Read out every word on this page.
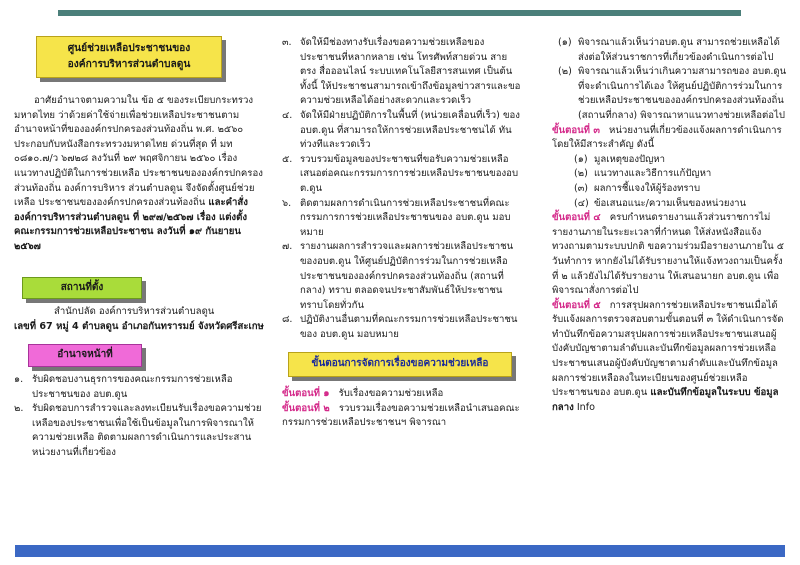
ศูนย์ช่วยเหลือประชาชนของ
องค์การบริหารส่วนตำบลดูน

อาศัยอำนาจตามความใน ข้อ ๕ ของระเบียบกระทรวงมหาดไทย ว่าด้วยค่าใช้จ่ายเพื่อช่วยเหลือประชาชนตามอำนาจหน้าที่ขององค์กรปกครองส่วนท้องถิ่น พ.ศ. ๒๕๖๐ ประกอบกับหนังสือกระทรวงมหาดไทย ด่วนที่สุด ที่ มท ๐๘๑๐.๗/ว ๖๗๒๘ ลงวันที่ ๒๙ พฤศจิกายน ๒๕๖๐ เรื่อง แนวทางปฏิบัติในการช่วยเหลือ ประชาชนขององค์กรปกครองส่วนท้องถิ่น องค์การบริหาร ส่วนตำบลดูน จึงจัดตั้งศูนย์ช่วยเหลือ ประชาชนขององค์กรปกครองส่วนท้องถิ่น และคำสั่งองค์การบริหารส่วนตำบลดูน ที่ ๒๙๗/๒๕๖๗ เรื่อง แต่งตั้งคณะกรรมการช่วยเหลือประชาชน ลงวันที่ ๑๙ กันยายน ๒๕๖๗

สถานที่ตั้ง

สำนักปลัด องค์การบริหารส่วนตำบลดูน

เลขที่ 67 หมู่ 4 ตำบลดูน อำเภอกันทรารมย์ จังหวัดศรีสะเกษ

อำนาจหน้าที่
๑. รับผิดชอบงานธุรการของคณะกรรมการช่วยเหลือประชาชนของ อบต.ดูน
๒. รับผิดชอบการสำรวจและลงทะเบียนรับเรื่องขอความช่วยเหลือของประชาชนเพื่อใช้เป็นข้อมูลในการพิจารณาให้ความช่วยเหลือ ติดตามผลการดำเนินการและประสานหน่วยงานที่เกี่ยวข้อง
๓. จัดให้มีช่องทางรับเรื่องขอความช่วยเหลือของประชาชนที่หลากหลาย เช่น โทรศัพท์สายด่วน สายตรง สื่อออนไลน์ ระบบเทคโนโลยีสารสนเทศ เป็นต้น ทั้งนี้ ให้ประชาชนสามารถเข้าถึงข้อมูลข่าวสารและขอความช่วยเหลือได้อย่างสะดวกและรวดเร็ว
๔. จัดให้มีฝ่ายปฏิบัติการในพื้นที่ (หน่วยเคลื่อนที่เร็ว) ของ อบต.ดูน ที่สามารถให้การช่วยเหลือประชาชนได้ ทันท่วงทีและรวดเร็ว
๕. รวบรวมข้อมูลของประชาชนที่ขอรับความช่วยเหลือเสนอต่อคณะกรรมการการช่วยเหลือประชาชนของอบต.ดูน
๖. ติดตามผลการดำเนินการช่วยเหลือประชาชนที่คณะกรรมการการช่วยเหลือประชาชนของ อบต.ดูน มอบหมาย
๗. รายงานผลการสำรวจและผลการช่วยเหลือประชาชนของอบต.ดูน ให้ศูนย์ปฏิบัติการร่วมในการช่วยเหลือประชาชนขององค์กรปกครองส่วนท้องถิ่น (สถานที่กลาง) ทราบ ตลอดจนประชาสัมพันธ์ให้ประชาชนทราบโดยทั่วกัน
๘. ปฏิบัติงานอื่นตามที่คณะกรรมการช่วยเหลือประชาชนของ อบต.ดูน มอบหมาย
ขั้นตอนการจัดการเรื่องขอความช่วยเหลือ

ขั้นตอนที่ ๑ รับเรื่องขอความช่วยเหลือ

ขั้นตอนที่ ๒ รวบรวมเรื่องขอความช่วยเหลือนำเสนอคณะกรรมการช่วยเหลือประชาชนฯ พิจารณา

(๑) พิจารณาแล้วเห็นว่าอบต.ดูน สามารถช่วยเหลือได้ ส่งต่อให้ส่วนราชการที่เกี่ยวข้องดำเนินการต่อไป
(๒) พิจารณาแล้วเห็นว่าเกินความสามารถของ อบต.ดูน ที่จะดำเนินการได้เอง ให้ศูนย์ปฏิบัติการร่วมในการช่วยเหลือประชาชนขององค์กรปกครองส่วนท้องถิ่น (สถานที่กลาง) พิจารณาหาแนวทางช่วยเหลือต่อไป

ขั้นตอนที่ ๓ หน่วยงานที่เกี่ยวข้องแจ้งผลการดำเนินการโดยให้มีสาระสำคัญ ดังนี้

(๑) มูลเหตุของปัญหา
(๒) แนวทางและวิธีการแก้ปัญหา
(๓) ผลการชี้แจงให้ผู้ร้องทราบ
(๔) ข้อเสนอแนะ/ความเห็นของหน่วยงาน

ขั้นตอนที่ ๔ ครบกำหนดรายงานแล้วส่วนราชการไม่รายงานภายในระยะเวลาที่กำหนด ให้ส่งหนังสือแจ้งทวงถามตามระบบปกติ ขอความร่วมมือรายงานภายใน ๕ วันทำการ หากยังไม่ได้รับรายงานให้แจ้งทวงถามเป็นครั้งที่ ๒ แล้วยังไม่ได้รับรายงาน ให้เสนอนายก อบต.ดูน เพื่อพิจารณาสั่งการต่อไป

ขั้นตอนที่ ๕ การสรุปผลการช่วยเหลือประชาชนเมื่อได้รับแจ้งผลการตรวจสอบตามขั้นตอนที่ ๓ ให้ดำเนินการจัดทำบันทึกข้อความสรุปผลการช่วยเหลือประชาชนเสนอผู้บังคับบัญชาตามลำดับและบันทึกข้อมูลผลการช่วยเหลือประชาชนเสนอผู้บังคับบัญชาตามลำดับและบันทึกข้อมูลผลการช่วยเหลือลงในทะเบียนของศูนย์ช่วยเหลือประชาชนของ อบต.ดูน และบันทึกข้อมูลในระบบ ข้อมูลกลาง Info
